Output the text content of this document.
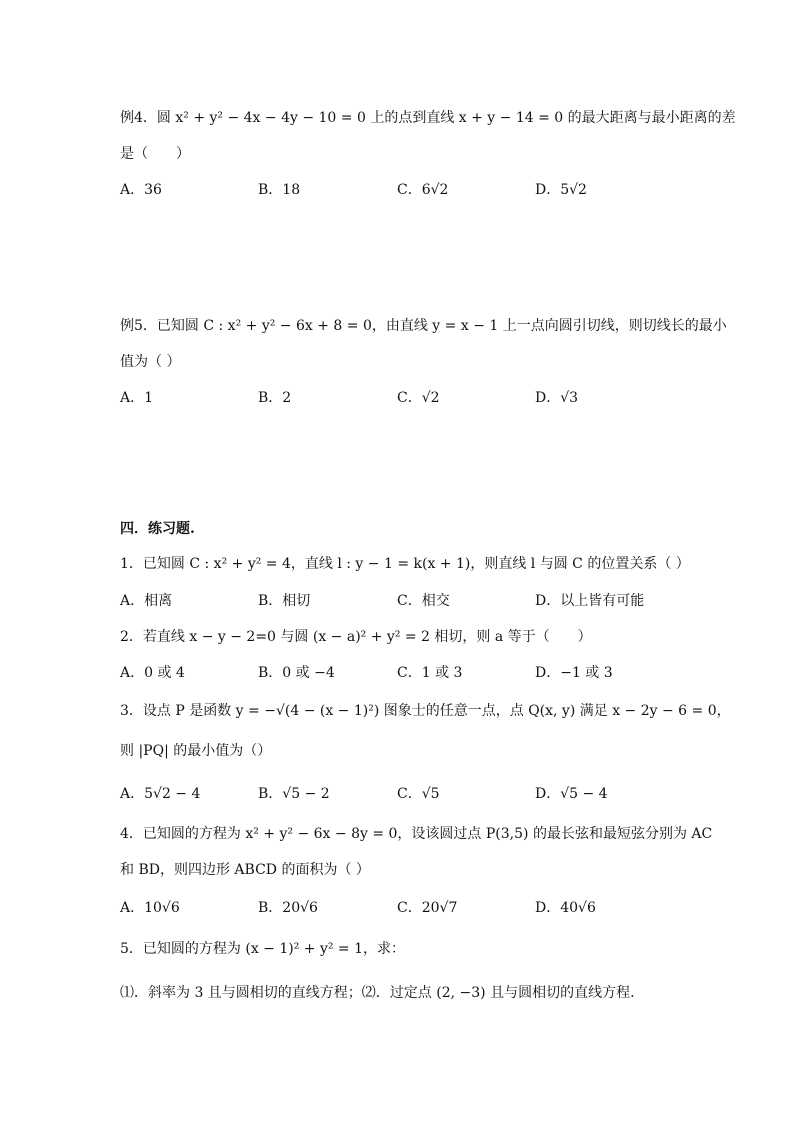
例4．圆 x² + y² − 4x − 4y − 10 = 0 上的点到直线 x + y − 14 = 0 的最大距离与最小距离的差
是（　　）
A．36	B．18	C．6√2	D．5√2
例5．已知圆 C : x² + y² − 6x + 8 = 0，由直线 y = x − 1 上一点向圆引切线，则切线长的最小
值为（ ）
A．1	B．2	C．√2	D．√3
四．练习题.
1．已知圆 C : x² + y² = 4，直线 l : y − 1 = k(x + 1)，则直线 l 与圆 C 的位置关系（ ）
A．相离	B．相切	C．相交	D．以上皆有可能
2．若直线 x − y − 2=0 与圆 (x − a)² + y² = 2 相切，则 a 等于（　　）
A．0 或 4	B．0 或 −4	C．1 或 3	D．−1 或 3
3．设点 P 是函数 y = −√(4 − (x − 1)²) 图象士的任意一点，点 Q(x, y) 满足 x − 2y − 6 = 0，
则 |PQ| 的最小值为（）
A．5√2 − 4	B．√5 − 2	C．√5	D．√5 − 4
4．已知圆的方程为 x² + y² − 6x − 8y = 0，设该圆过点 P(3,5) 的最长弦和最短弦分别为 AC
和 BD，则四边形 ABCD 的面积为（ ）
A．10√6	B．20√6	C．20√7	D．40√6
5．已知圆的方程为 (x − 1)² + y² = 1，求：
⑴．斜率为 3 且与圆相切的直线方程；⑵．过定点 (2, −3) 且与圆相切的直线方程.
